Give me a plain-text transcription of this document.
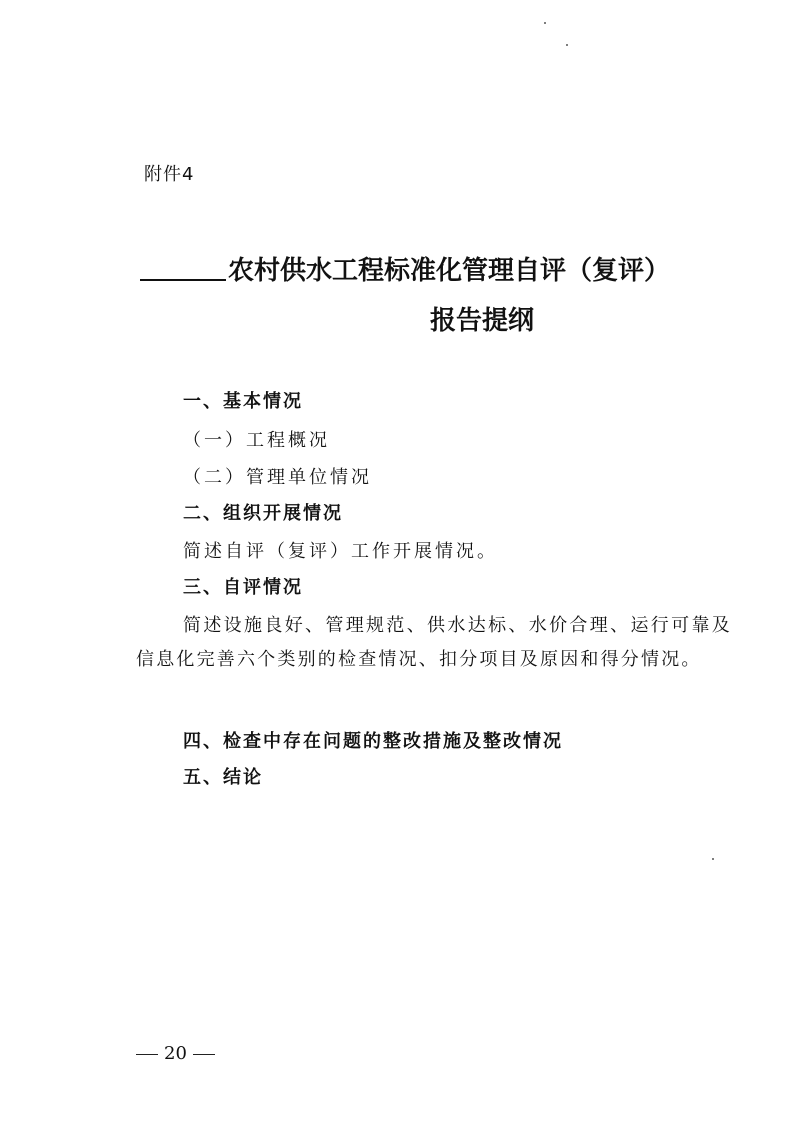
附件4
农村供水工程标准化管理自评（复评）
报告提纲
一、基本情况
（一）工程概况
（二）管理单位情况
二、组织开展情况
简述自评（复评）工作开展情况。
三、自评情况
简述设施良好、管理规范、供水达标、水价合理、运行可靠及信息化完善六个类别的检查情况、扣分项目及原因和得分情况。
四、检查中存在问题的整改措施及整改情况
五、结论
20
